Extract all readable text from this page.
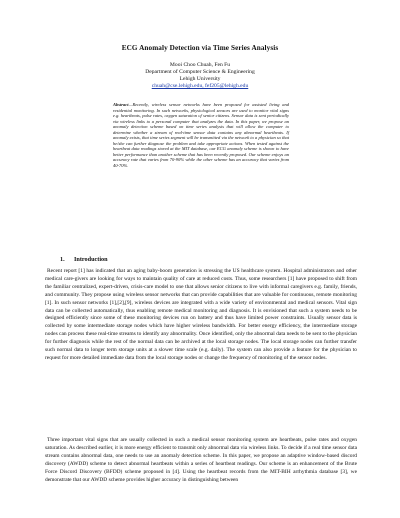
ECG Anomaly Detection via Time Series Analysis
Mooi Choo Chuah, Fen Fu
Department of Computer Science & Engineering
Lehigh University
chuah@cse.lehigh.edu, fef205@lehigh.edu
Abstract—Recently, wireless sensor networks have been proposed for assisted living and residential monitoring. In such networks, physiological sensors are used to monitor vital signs e.g. heartbeats, pulse rates, oxygen saturation of senior citizens. Sensor data is sent periodically via wireless links to a personal computer that analyzes the data. In this paper, we propose an anomaly detection scheme based on time series analysis that will allow the computer to determine whether a stream of real-time sensor data contains any abnormal heartbeats. If anomaly exists, that time series segment will be transmitted via the network to a physician so that he/she can further diagnose the problem and take appropriate actions. When tested against the heartbeat data readings stored at the MIT database, our ECG anomaly scheme is shown to have better performance than another scheme that has been recently proposed. Our scheme enjoys an accuracy rate that varies from 70-90% while the other scheme has an accuracy that varies from 40-70%.
1. Introduction
Recent report [1] has indicated that an aging baby-boom generation is stressing the US healthcare system. Hospital administrators and other medical care-givers are looking for ways to maintain quality of care at reduced costs. Thus, some researchers [1] have proposed to shift from the familiar centralized, expert-driven, crisis-care model to one that allows senior citizens to live with informal caregivers e.g. family, friends, and community. They propose using wireless sensor networks that can provide capabilities that are valuable for continuous, remote monitoring [1]. In such sensor networks [1],[2],[9], wireless devices are integrated with a wide variety of environmental and medical sensors. Vital sign data can be collected automatically, thus enabling remote medical monitoring and diagnosis. It is envisioned that such a system needs to be designed efficiently since some of these monitoring devices run on battery and thus have limited power constraints. Usually sensor data is collected by some intermediate storage nodes which have higher wireless bandwidth. For better energy efficiency, the intermediate storage nodes can process these real-time streams to identify any abnormality. Once identified, only the abnormal data needs to be sent to the physician for further diagnosis while the rest of the normal data can be archived at the local storage nodes. The local storage nodes can further transfer such normal data to longer term storage units at a slower time scale (e.g. daily). The system can also provide a feature for the physician to request for more detailed immediate data from the local storage nodes or change the frequency of monitoring of the sensor nodes.
Three important vital signs that are usually collected in such a medical sensor monitoring system are heartbeats, pulse rates and oxygen saturation. As described earlier, it is more energy efficient to transmit only abnormal data via wireless links. To decide if a real time sensor data stream contains abnormal data, one needs to use an anomaly detection scheme. In this paper, we propose an adaptive window-based discord discovery (AWDD) scheme to detect abnormal heartbeats within a series of heartbeat readings. Our scheme is an enhancement of the Brute Force Discord Discovery (BFDD) scheme proposed in [4]. Using the heartbeat records from the MIT-BIH arrhythmia database [3], we demonstrate that our AWDD scheme provides higher accuracy in distinguishing between
